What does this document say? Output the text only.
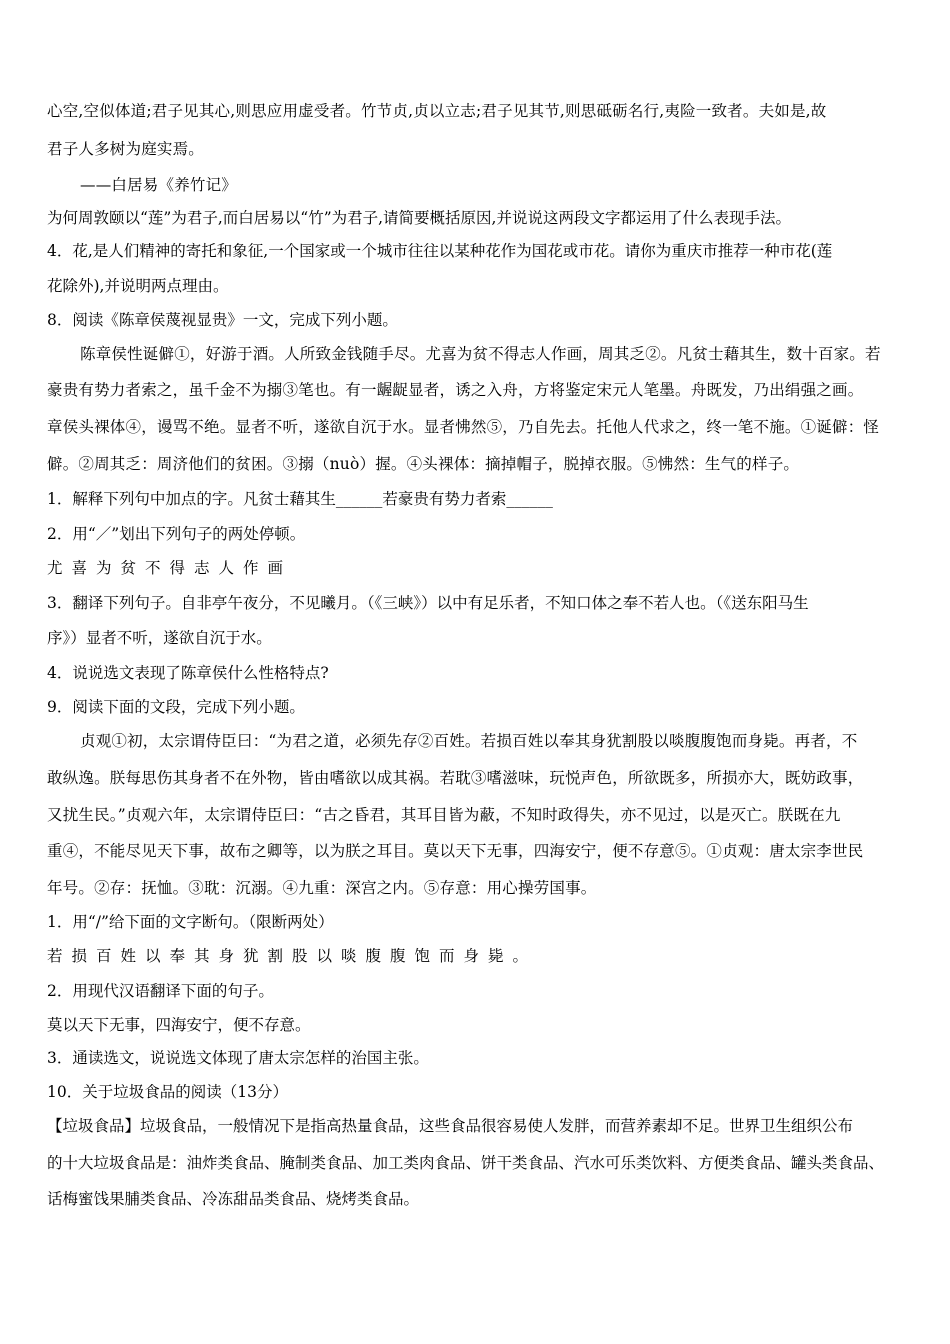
心空,空似体道;君子见其心,则思应用虚受者。竹节贞,贞以立志;君子见其节,则思砥砺名行,夷险一致者。夫如是,故
君子人多树为庭实焉。
——白居易《养竹记》
为何周敦颐以“莲”为君子,而白居易以“竹”为君子,请简要概括原因,并说说这两段文字都运用了什么表现手法。
4．花,是人们精神的寄托和象征,一个国家或一个城市往往以某种花作为国花或市花。请你为重庆市推荐一种市花(莲
花除外),并说明两点理由。
8．阅读《陈章侯蔑视显贵》一文，完成下列小题。
陈章侯性诞僻①，好游于酒。人所致金钱随手尽。尤喜为贫不得志人作画，周其乏②。凡贫士藉其生，数十百家。若
豪贵有势力者索之，虽千金不为搦③笔也。有一龌龊显者，诱之入舟，方将鉴定宋元人笔墨。舟既发，乃出绢强之画。
章侯头裸体④，谩骂不绝。显者不听，遂欲自沉于水。显者怫然⑤，乃自先去。托他人代求之，终一笔不施。①诞僻：怪
僻。②周其乏：周济他们的贫困。③搦（nuò）握。④头裸体：摘掉帽子，脱掉衣服。⑤怫然：生气的样子。
1．解释下列句中加点的字。凡贫士藉其生______若豪贵有势力者索______
2．用“／”划出下列句子的两处停顿。
尤喜为贫不得志人作画
3．翻译下列句子。自非亭午夜分，不见曦月。（《三峡》）以中有足乐者，不知口体之奉不若人也。（《送东阳马生
序》）显者不听，遂欲自沉于水。
4．说说选文表现了陈章侯什么性格特点?
9．阅读下面的文段，完成下列小题。
贞观①初，太宗谓侍臣曰：“为君之道，必须先存②百姓。若损百姓以奉其身犹割股以啖腹腹饱而身毙。再者，不
敢纵逸。朕每思伤其身者不在外物，皆由嗜欲以成其祸。若耽③嗜滋味，玩悦声色，所欲既多，所损亦大，既妨政事，
又扰生民。”贞观六年，太宗谓侍臣曰：“古之昏君，其耳目皆为蔽，不知时政得失，亦不见过，以是灭亡。朕既在九
重④，不能尽见天下事，故布之卿等，以为朕之耳目。莫以天下无事，四海安宁，便不存意⑤。①贞观：唐太宗李世民
年号。②存：抚恤。③耽：沉溺。④九重：深宫之内。⑤存意：用心操劳国事。
1．用“/”给下面的文字断句。（限断两处）
若损百姓以奉其身犹割股以啖腹腹饱而身毙。
2．用现代汉语翻译下面的句子。
莫以天下无事，四海安宁，便不存意。
3．通读选文，说说选文体现了唐太宗怎样的治国主张。
10．关于垃圾食品的阅读（13分）
【垃圾食品】垃圾食品，一般情况下是指高热量食品，这些食品很容易使人发胖，而营养素却不足。世界卫生组织公布
的十大垃圾食品是：油炸类食品、腌制类食品、加工类肉食品、饼干类食品、汽水可乐类饮料、方便类食品、罐头类食品、
话梅蜜饯果脯类食品、冷冻甜品类食品、烧烤类食品。
